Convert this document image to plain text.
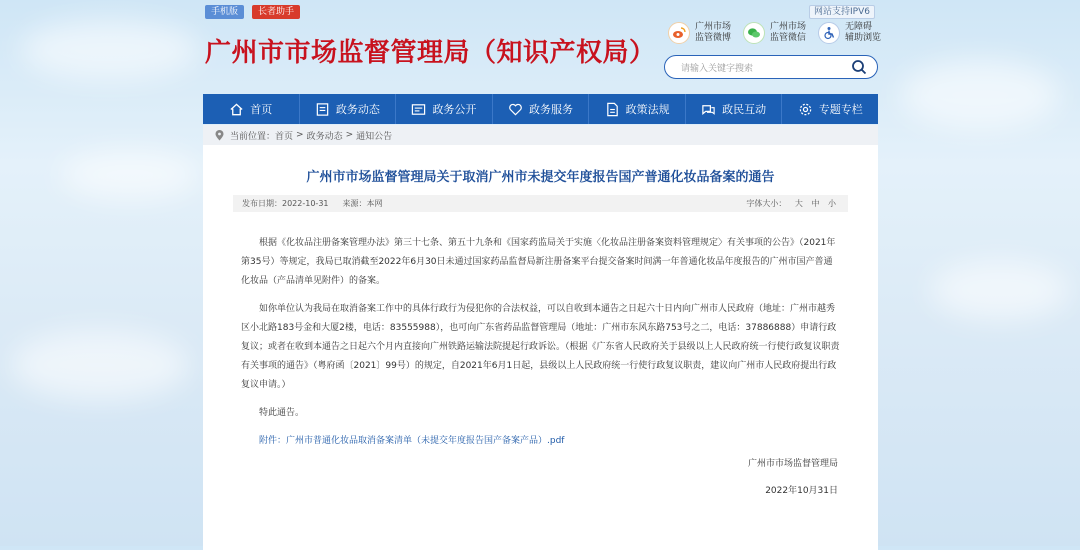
手机版	长者助手	网站支持IPV6
广州市市场监督管理局（知识产权局）
广州市场
监管微博
广州市场
监管微信
无障碍
辅助浏览
请输入关键字搜索
首页	政务动态	政务公开	政务服务	政策法规	政民互动	专题专栏
当前位置： 首页 > 政务动态 > 通知公告
广州市市场监督管理局关于取消广州市未提交年度报告国产普通化妆品备案的通告
发布日期：2022-10-31 来源：本网	字体大小： 大 中 小

根据《化妆品注册备案管理办法》第三十七条、第五十九条和《国家药监局关于实施〈化妆品注册备案资料管理规定〉有关事项的公告》（2021年第35号）等规定，我局已取消截至2022年6月30日未通过国家药品监督局新注册备案平台提交备案时间满一年普通化妆品年度报告的广州市国产普通化妆品（产品清单见附件）的备案。

如你单位认为我局在取消备案工作中的具体行政行为侵犯你的合法权益，可以自收到本通告之日起六十日内向广州市人民政府（地址：广州市越秀区小北路183号金和大厦2楼，电话：83555988），也可向广东省药品监督管理局（地址：广州市东风东路753号之二，电话：37886888）申请行政复议；或者在收到本通告之日起六个月内直接向广州铁路运输法院提起行政诉讼。（根据《广东省人民政府关于县级以上人民政府统一行使行政复议职责有关事项的通告》（粤府函〔2021〕99号）的规定，自2021年6月1日起，县级以上人民政府统一行使行政复议职责，建议向广州市人民政府提出行政复议申请。）

特此通告。

附件：广州市普通化妆品取消备案清单（未提交年度报告国产备案产品）.pdf

广州市市场监督管理局
2022年10月31日
